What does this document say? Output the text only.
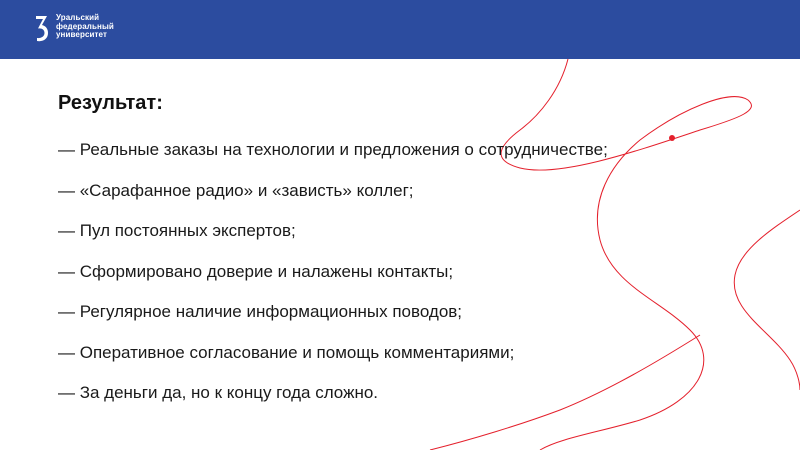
Уральский
федеральный
университет
Результат:
— Реальные заказы на технологии и предложения о сотрудничестве;
— «Сарафанное радио» и «зависть» коллег;
— Пул постоянных экспертов;
— Сформировано доверие и налажены контакты;
— Регулярное наличие информационных поводов;
— Оперативное согласование и помощь комментариями;
— За деньги да, но к концу года сложно.
